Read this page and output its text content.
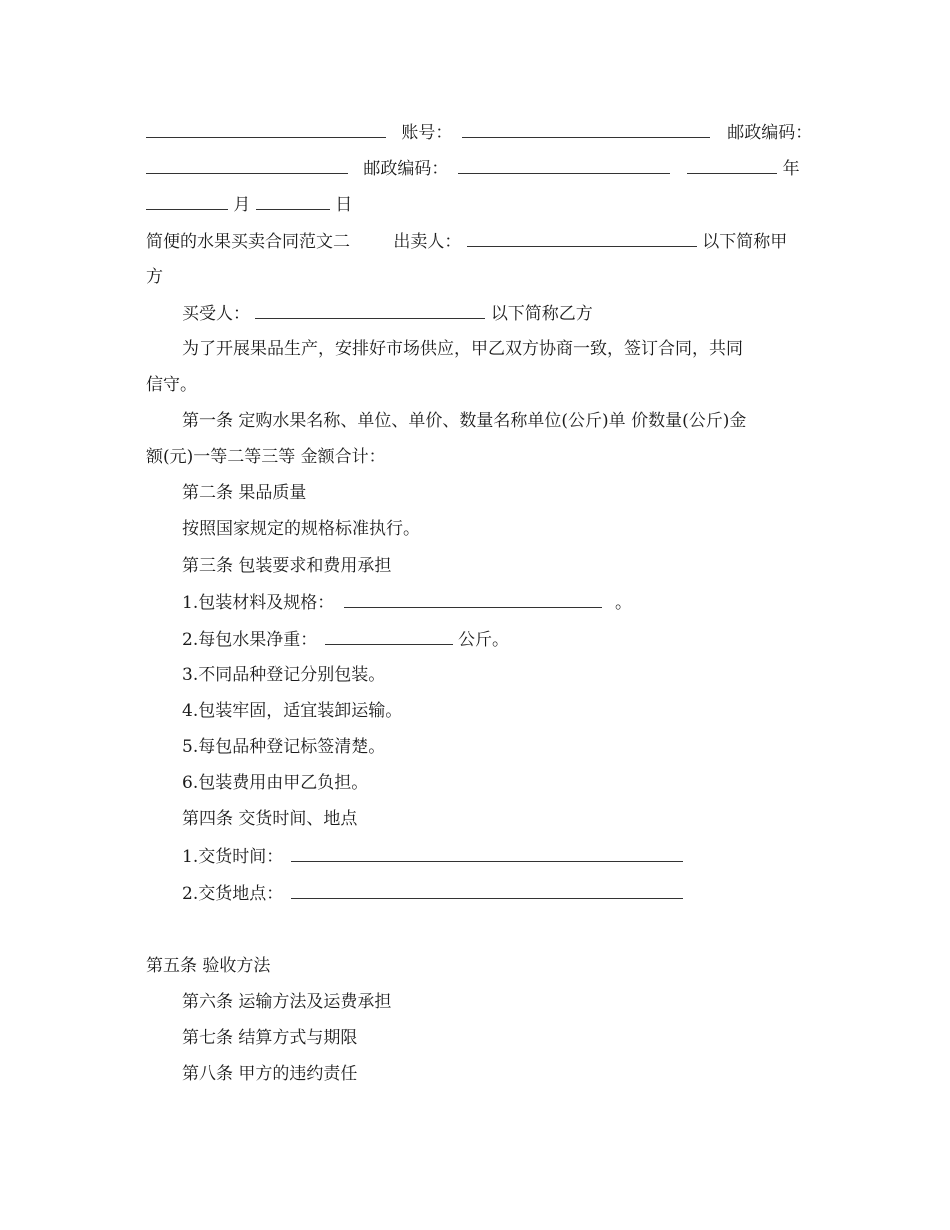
账号：	邮政编码：
邮政编码：	年
月	日
简便的水果买卖合同范文二	出卖人：	以下简称甲
方
买受人：	以下简称乙方
为了开展果品生产，安排好市场供应，甲乙双方协商一致，签订合同，共同
信守。
第一条 定购水果名称、单位、单价、数量名称单位(公斤)单 价数量(公斤)金
额(元)一等二等三等 金额合计：
第二条 果品质量
按照国家规定的规格标准执行。
第三条 包装要求和费用承担
1.包装材料及规格：	。
2.每包水果净重：	公斤。
3.不同品种登记分别包装。
4.包装牢固，适宜装卸运输。
5.每包品种登记标签清楚。
6.包装费用由甲乙负担。
第四条 交货时间、地点
1.交货时间：
2.交货地点：
第五条 验收方法
第六条 运输方法及运费承担
第七条 结算方式与期限
第八条 甲方的违约责任
